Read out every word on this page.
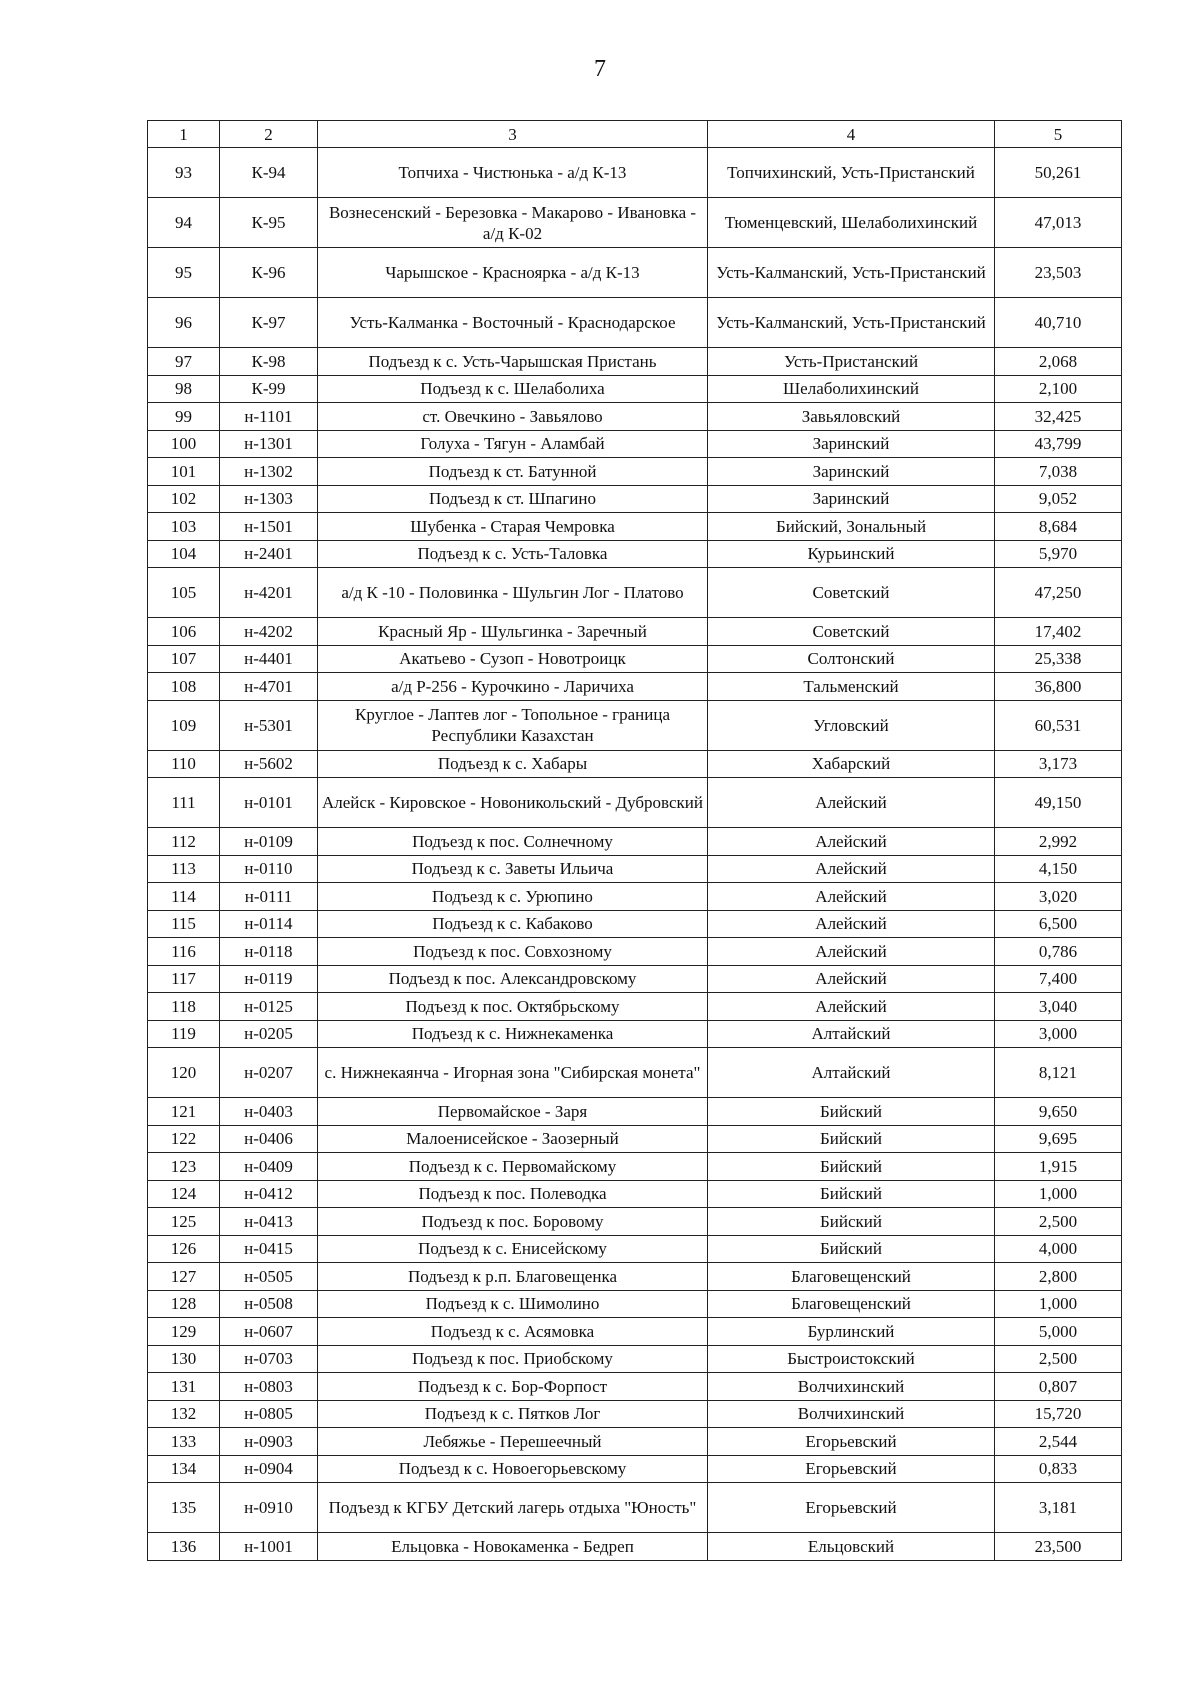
7
1	2	3	4	5
93	К-94	Топчиха - Чистюнька - а/д К-13	Топчихинский, Усть-Пристанский	50,261
94	К-95	Вознесенский - Березовка - Макарово - Ивановка - а/д К-02	Тюменцевский, Шелаболихинский	47,013
95	К-96	Чарышское - Красноярка - а/д К-13	Усть-Калманский, Усть-Пристанский	23,503
96	К-97	Усть-Калманка - Восточный - Краснодарское	Усть-Калманский, Усть-Пристанский	40,710
97	К-98	Подъезд к с. Усть-Чарышская Пристань	Усть-Пристанский	2,068
98	К-99	Подъезд к с. Шелаболиха	Шелаболихинский	2,100
99	н-1101	ст. Овечкино - Завьялово	Завьяловский	32,425
100	н-1301	Голуха - Тягун - Аламбай	Заринский	43,799
101	н-1302	Подъезд к ст. Батунной	Заринский	7,038
102	н-1303	Подъезд к ст. Шпагино	Заринский	9,052
103	н-1501	Шубенка - Старая Чемровка	Бийский, Зональный	8,684
104	н-2401	Подъезд к с. Усть-Таловка	Курьинский	5,970
105	н-4201	а/д К -10 - Половинка - Шульгин Лог - Платово	Советский	47,250
106	н-4202	Красный Яр - Шульгинка - Заречный	Советский	17,402
107	н-4401	Акатьево - Сузоп - Новотроицк	Солтонский	25,338
108	н-4701	а/д Р-256 - Курочкино - Ларичиха	Тальменский	36,800
109	н-5301	Круглое - Лаптев лог - Топольное - граница Республики Казахстан	Угловский	60,531
110	н-5602	Подъезд к с. Хабары	Хабарский	3,173
111	н-0101	Алейск - Кировское - Новоникольский - Дубровский	Алейский	49,150
112	н-0109	Подъезд к пос. Солнечному	Алейский	2,992
113	н-0110	Подъезд к с. Заветы Ильича	Алейский	4,150
114	н-0111	Подъезд к с. Урюпино	Алейский	3,020
115	н-0114	Подъезд к с. Кабаково	Алейский	6,500
116	н-0118	Подъезд к пос. Совхозному	Алейский	0,786
117	н-0119	Подъезд к пос. Александровскому	Алейский	7,400
118	н-0125	Подъезд к пос. Октябрьскому	Алейский	3,040
119	н-0205	Подъезд к с. Нижнекаменка	Алтайский	3,000
120	н-0207	с. Нижнекаянча - Игорная зона "Сибирская монета"	Алтайский	8,121
121	н-0403	Первомайское - Заря	Бийский	9,650
122	н-0406	Малоенисейское - Заозерный	Бийский	9,695
123	н-0409	Подъезд к с. Первомайскому	Бийский	1,915
124	н-0412	Подъезд к пос. Полеводка	Бийский	1,000
125	н-0413	Подъезд к пос. Боровому	Бийский	2,500
126	н-0415	Подъезд к с. Енисейскому	Бийский	4,000
127	н-0505	Подъезд к р.п. Благовещенка	Благовещенский	2,800
128	н-0508	Подъезд к с. Шимолино	Благовещенский	1,000
129	н-0607	Подъезд к с. Асямовка	Бурлинский	5,000
130	н-0703	Подъезд к пос. Приобскому	Быстроистокский	2,500
131	н-0803	Подъезд к с. Бор-Форпост	Волчихинский	0,807
132	н-0805	Подъезд к с. Пятков Лог	Волчихинский	15,720
133	н-0903	Лебяжье - Перешеечный	Егорьевский	2,544
134	н-0904	Подъезд к с. Новоегорьевскому	Егорьевский	0,833
135	н-0910	Подъезд к КГБУ Детский лагерь отдыха "Юность"	Егорьевский	3,181
136	н-1001	Ельцовка - Новокаменка - Бедреп	Ельцовский	23,500
